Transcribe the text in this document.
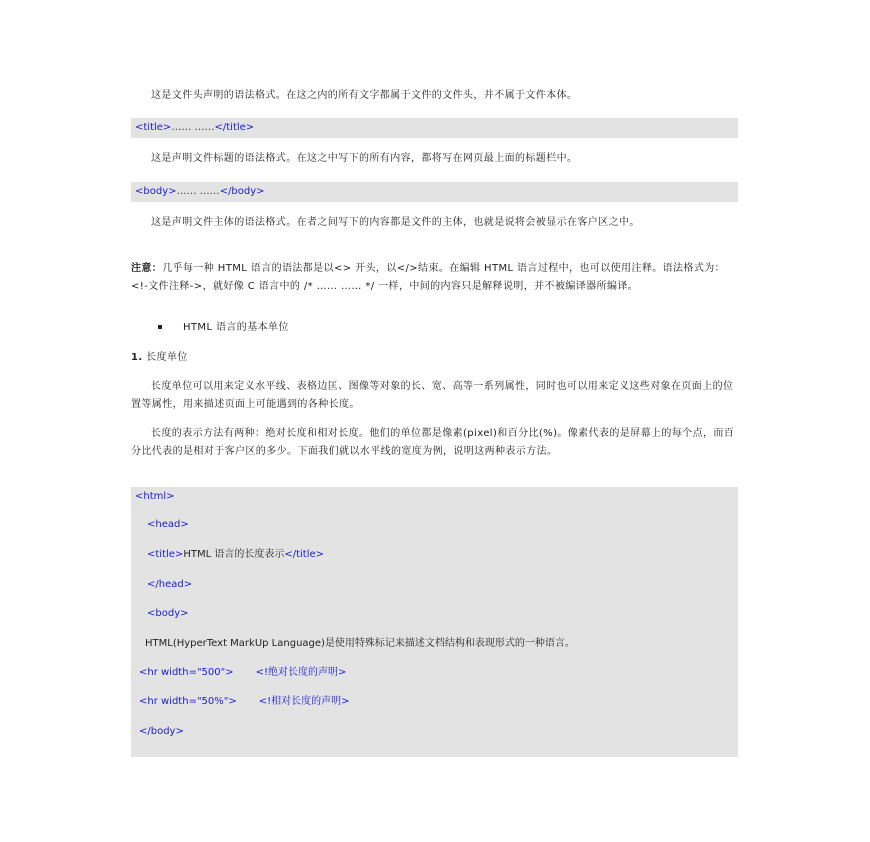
这是文件头声明的语法格式。在这之内的所有文字都属于文件的文件头，并不属于文件本体。

<title>…… ……</title>

这是声明文件标题的语法格式。在这之中写下的所有内容，都将写在网页最上面的标题栏中。

<body>…… ……</body>

这是声明文件主体的语法格式。在者之间写下的内容都是文件的主体，也就是说将会被显示在客户区之中。

注意：几乎每一种 HTML 语言的语法都是以<> 开头，以</>结束。在编辑 HTML 语言过程中，也可以使用注释。语法格式为：<!-文件注释->，就好像 C 语言中的 /* …… …… */ 一样，中间的内容只是解释说明，并不被编译器所编译。

HTML 语言的基本单位

1. 长度单位

长度单位可以用来定义水平线、表格边匡、图像等对象的长、宽、高等一系列属性，同时也可以用来定义这些对象在页面上的位置等属性，用来描述页面上可能遇到的各种长度。

长度的表示方法有两种：绝对长度和相对长度。他们的单位都是像素(pixel)和百分比(%)。像素代表的是屏幕上的每个点，而百分比代表的是相对于客户区的多少。下面我们就以水平线的宽度为例，说明这两种表示方法。

<html>
<head>
<title>HTML 语言的长度表示</title>
</head>
<body>
HTML(HyperText MarkUp Language)是使用特殊标记来描述文档结构和表现形式的一种语言。
<hr width="500"> <!绝对长度的声明>
<hr width="50%"> <!相对长度的声明>
</body>
